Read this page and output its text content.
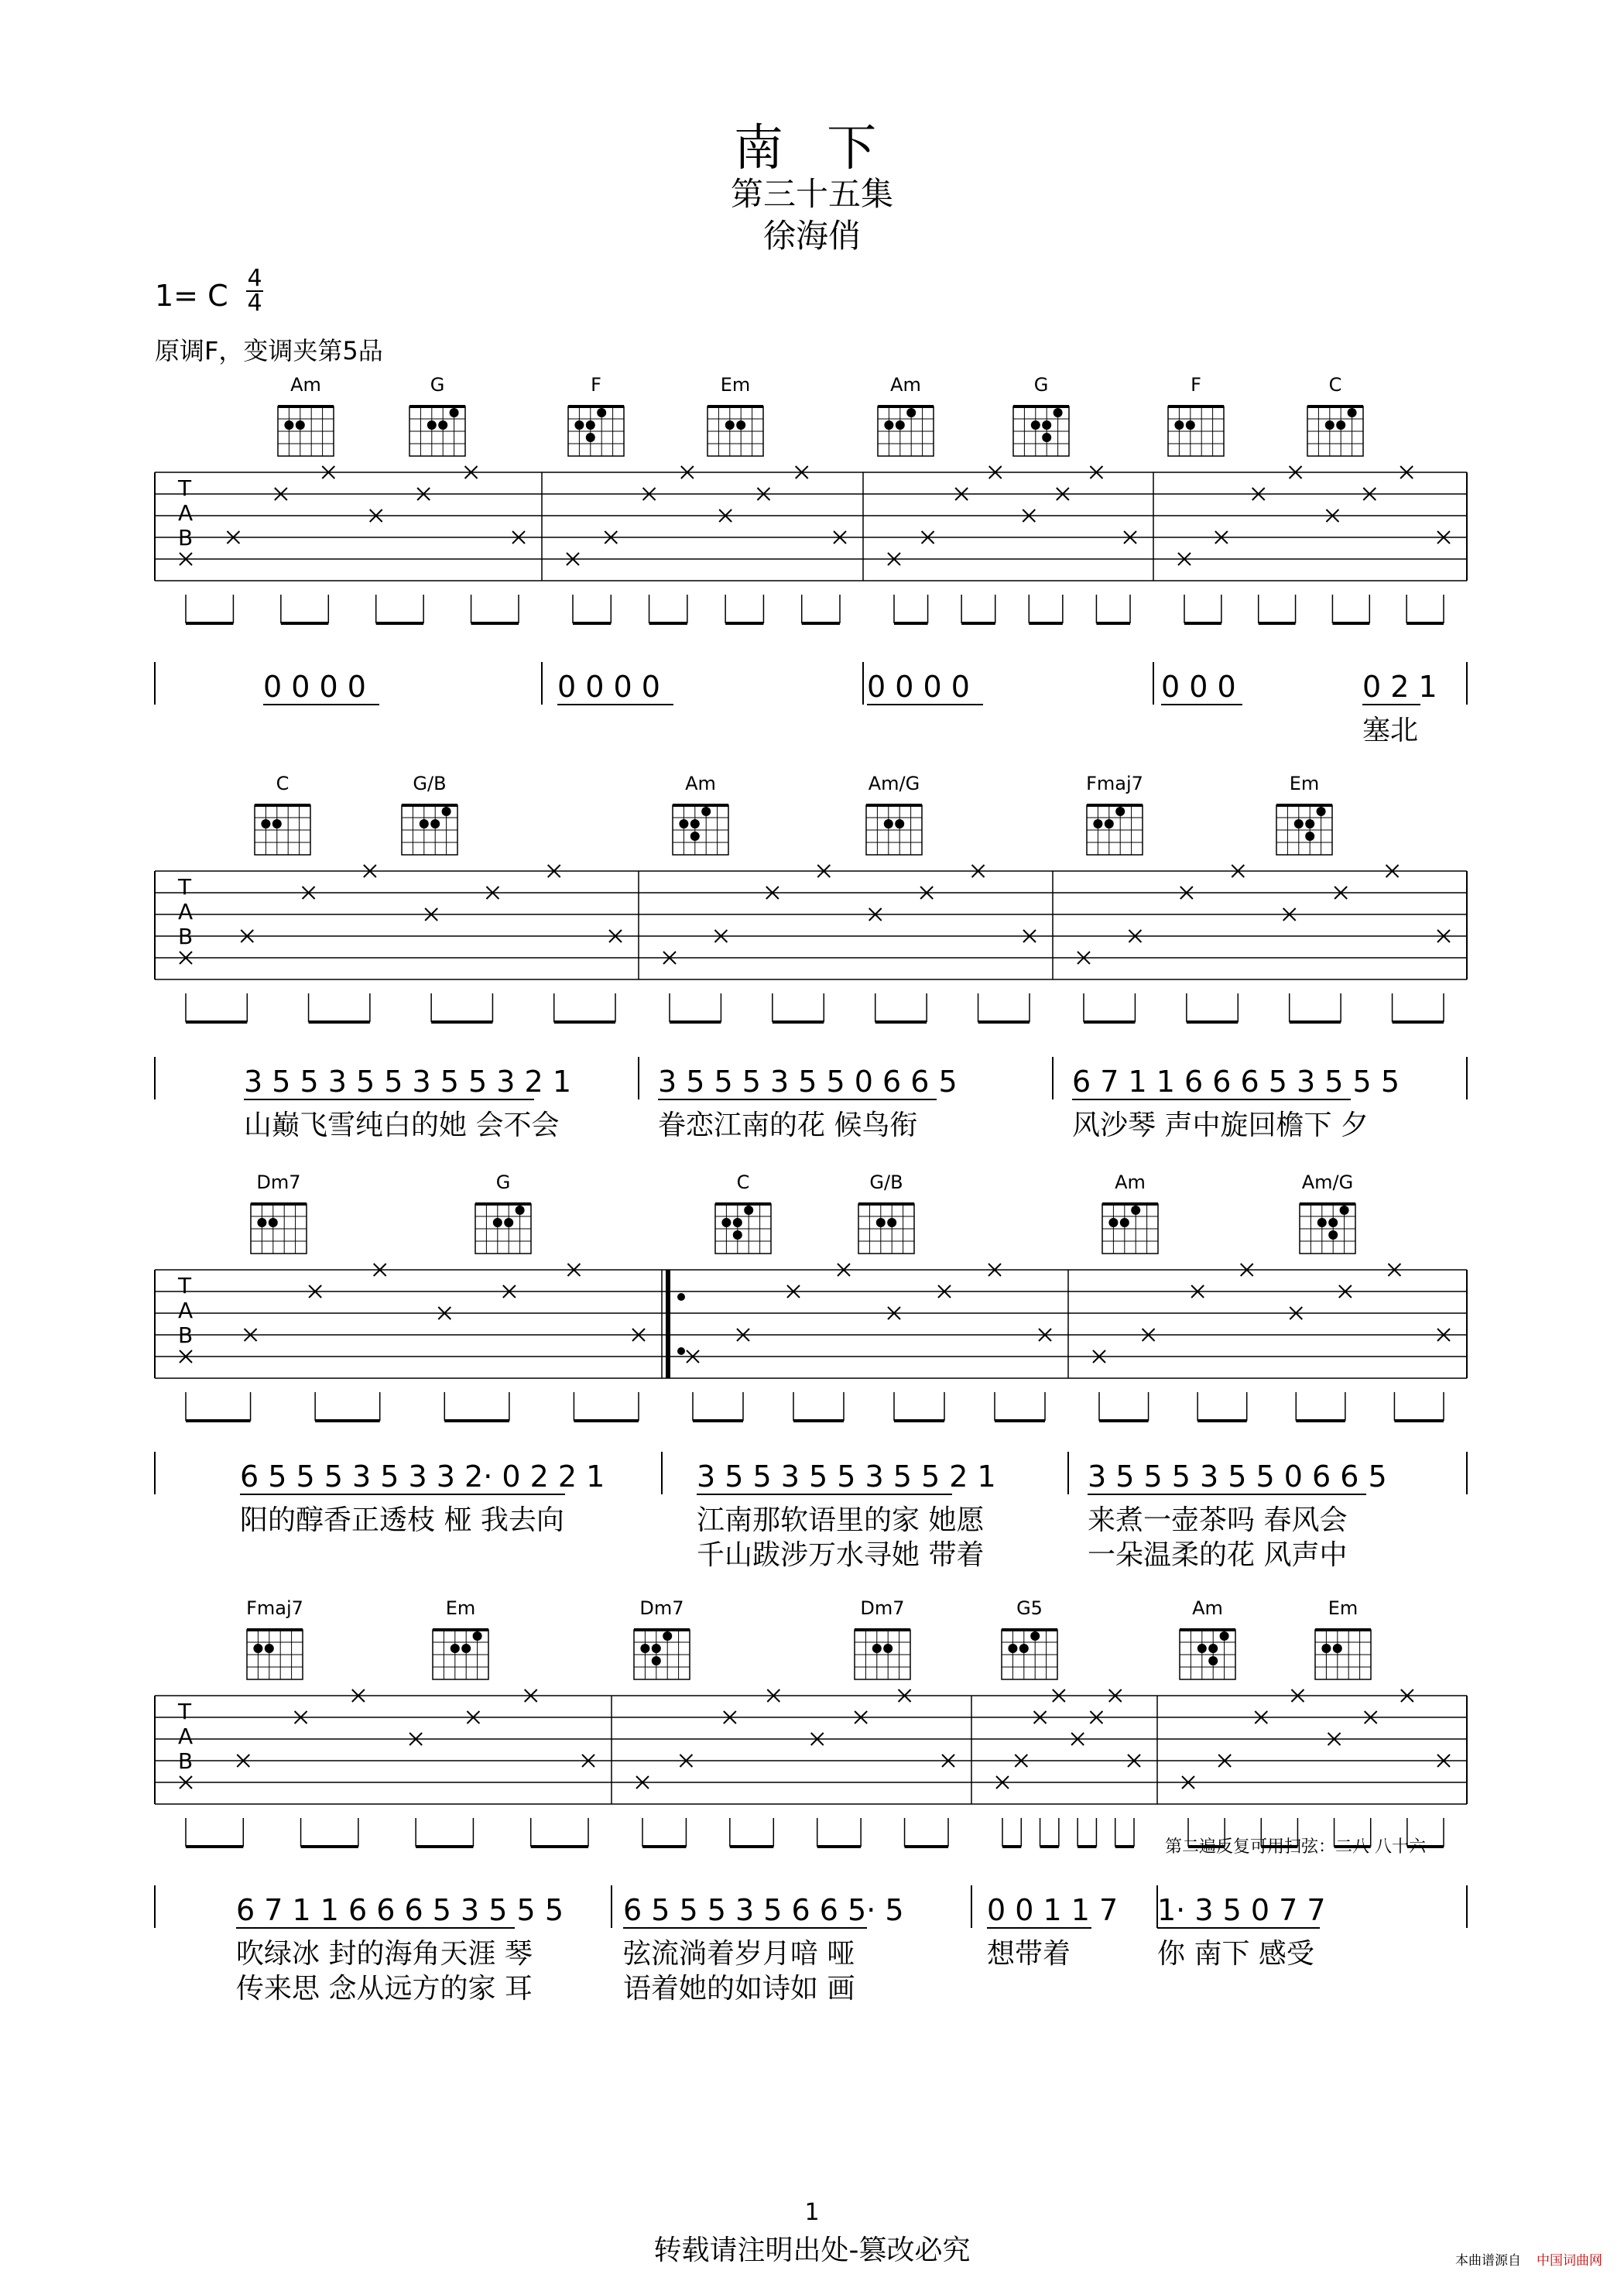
南 下
第三十五集
徐海俏
1= C
4
4
原调F，变调夹第5品
T
A
B
Am	G	F	Em	Am	G	F	C
0 0 0 0	0 0 0 0	0 0 0 0	0 0 0	0 2 1
塞北
T
A
B
C	G/B	Am	Am/G	Fmaj7	Em
3 5 5 3 5 5 3 5 5 3 2 1	3 5 5 5 3 5 5 0 6 6 5	6 7 1 1 6 6 6 5 3 5 5 5
山巅飞雪纯白的她 会不会	眷恋江南的花 候鸟衔	风沙琴 声中旋回檐下 夕
T
A
B
Dm7	G	C	G/B	Am	Am/G
6 5 5 5 3 5 3 3 2· 0 2 2 1	3 5 5 3 5 5 3 5 5 2 1	3 5 5 5 3 5 5 0 6 6 5
阳的醇香正透枝 桠 我去向	江南那软语里的家 她愿	来煮一壶茶吗 春风会
千山跋涉万水寻她 带着	一朵温柔的花 风声中
T
A
B
Fmaj7	Em	Dm7	Dm7	G5	Am	Em
6 7 1 1 6 6 6 5 3 5 5 5 6 5 5 5 3 5 6 6 5· 5	0 0 1 1 7 1· 3 5 0 7 7
吹绿冰 封的海角天涯 琴	弦流淌着岁月喑 哑	想带着	你 南下 感受
传来思 念从远方的家 耳	语着她的如诗如 画
第二遍反复可用扫弦：二八 八十六
1
转载请注明出处-篡改必究	本曲谱源自 中国词曲网
